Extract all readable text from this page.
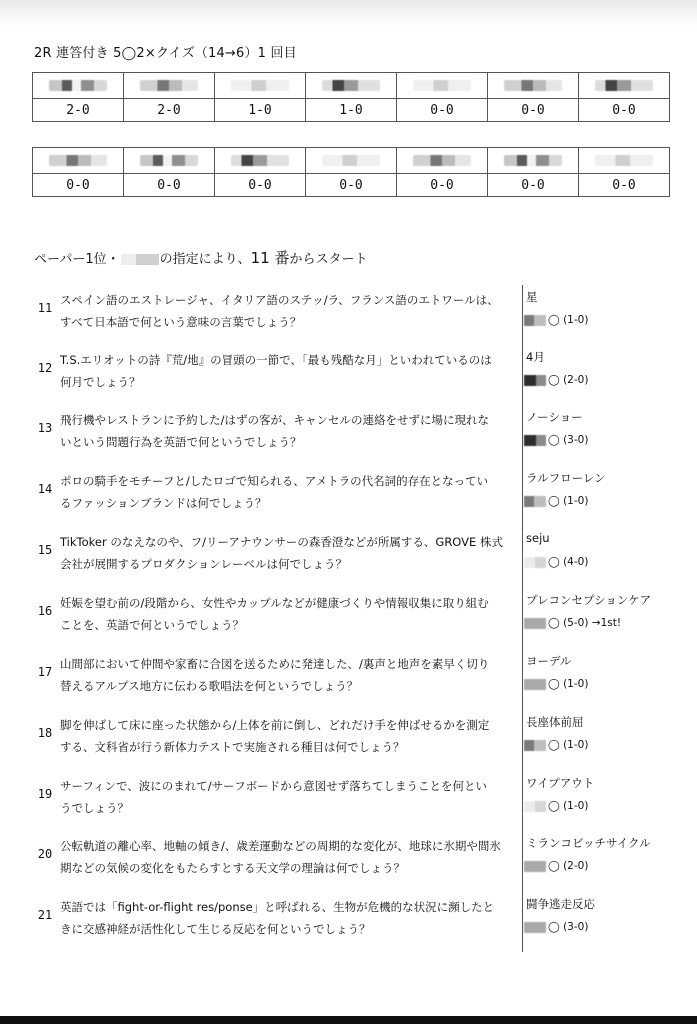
2R 連答付き 5◯2×クイズ（14→6）1 回目

2-0	2-0	1-0	1-0	0-0	0-0	0-0

0-0	0-0	0-0	0-0	0-0	0-0	0-0
ペーパー1位・	の指定により、11 番からスタート
11
スペイン語のエストレージャ、イタリア語のステッ/ラ、フランス語のエトワールは、
すべて日本語で何という意味の言葉でしょう？
星
◯ (1-0)
12
T.S.エリオットの詩『荒/地』の冒頭の一節で、「最も残酷な月」といわれているのは
何月でしょう？
4月
◯ (2-0)
13
飛行機やレストランに予約した/はずの客が、キャンセルの連絡をせずに場に現れな
いという問題行為を英語で何というでしょう？
ノーショー
◯ (3-0)
14
ポロの騎手をモチーフと/したロゴで知られる、アメトラの代名詞的存在となってい
るファッションブランドは何でしょう？
ラルフローレン
◯ (1-0)
15
TikToker のなえなのや、フ/リーアナウンサーの森香澄などが所属する、GROVE 株式
会社が展開するプロダクションレーベルは何でしょう？
seju
◯ (4-0)
16
妊娠を望む前の/段階から、女性やカップルなどが健康づくりや情報収集に取り組む
ことを、英語で何というでしょう？
プレコンセプションケア
◯ (5-0) →1st!
17
山間部において仲間や家畜に合図を送るために発達した、/裏声と地声を素早く切り
替えるアルプス地方に伝わる歌唱法を何というでしょう？
ヨーデル
◯ (1-0)
18
脚を伸ばして床に座った状態から/上体を前に倒し、どれだけ手を伸ばせるかを測定
する、文科省が行う新体力テストで実施される種目は何でしょう？
長座体前屈
◯ (1-0)
19
サーフィンで、波にのまれて/サーフボードから意図せず落ちてしまうことを何とい
うでしょう？
ワイプアウト
◯ (1-0)
20
公転軌道の離心率、地軸の傾き/、歳差運動などの周期的な変化が、地球に氷期や間氷
期などの気候の変化をもたらすとする天文学の理論は何でしょう？
ミランコビッチサイクル
◯ (2-0)
21
英語では「fight-or-flight res/ponse」と呼ばれる、生物が危機的な状況に瀕したと
きに交感神経が活性化して生じる反応を何というでしょう？
闘争逃走反応
◯ (3-0)
